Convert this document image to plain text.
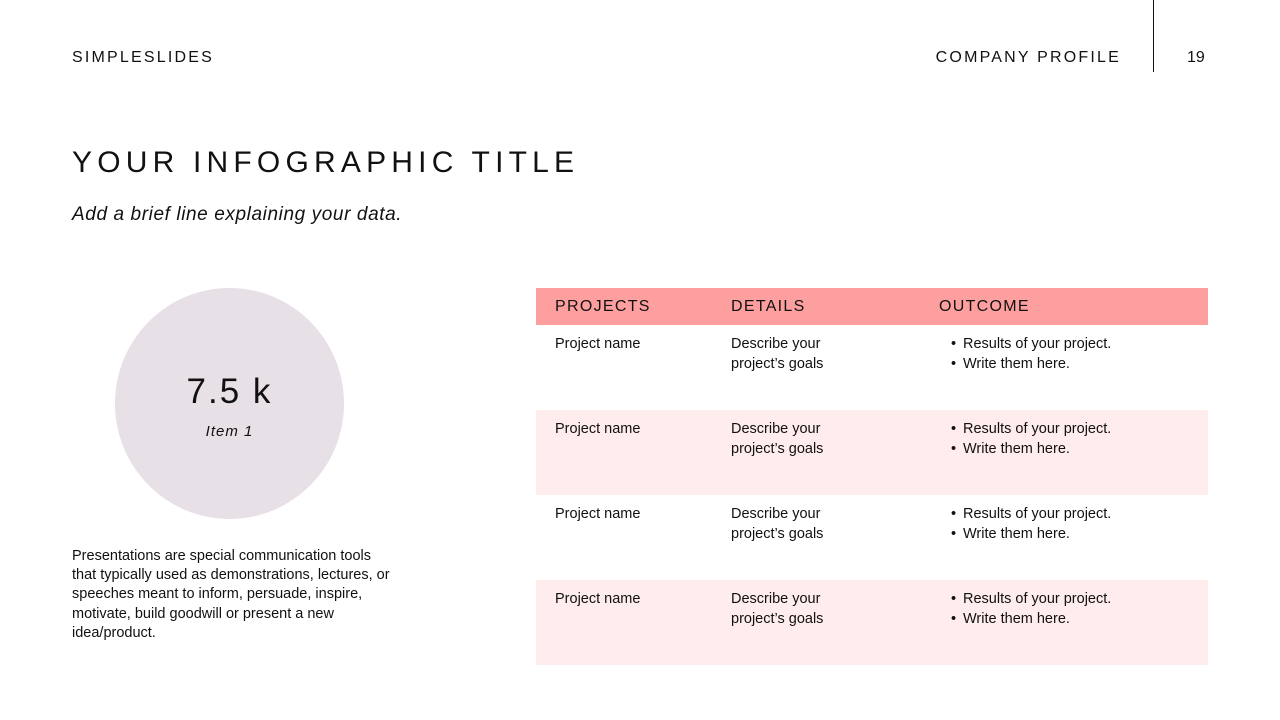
SIMPLESLIDES	COMPANY PROFILE	19
YOUR INFOGRAPHIC TITLE
Add a brief line explaining your data.
7.5 k
Item 1
Presentations are special communication tools that typically used as demonstrations, lectures, or speeches meant to inform, persuade, inspire, motivate, build goodwill or present a new idea/product.
PROJECTS	DETAILS	OUTCOME
Project name	Describe your project’s goals
• Results of your project.
• Write them here.
Project name	Describe your project’s goals
• Results of your project.
• Write them here.
Project name	Describe your project’s goals
• Results of your project.
• Write them here.
Project name	Describe your project’s goals
• Results of your project.
• Write them here.
